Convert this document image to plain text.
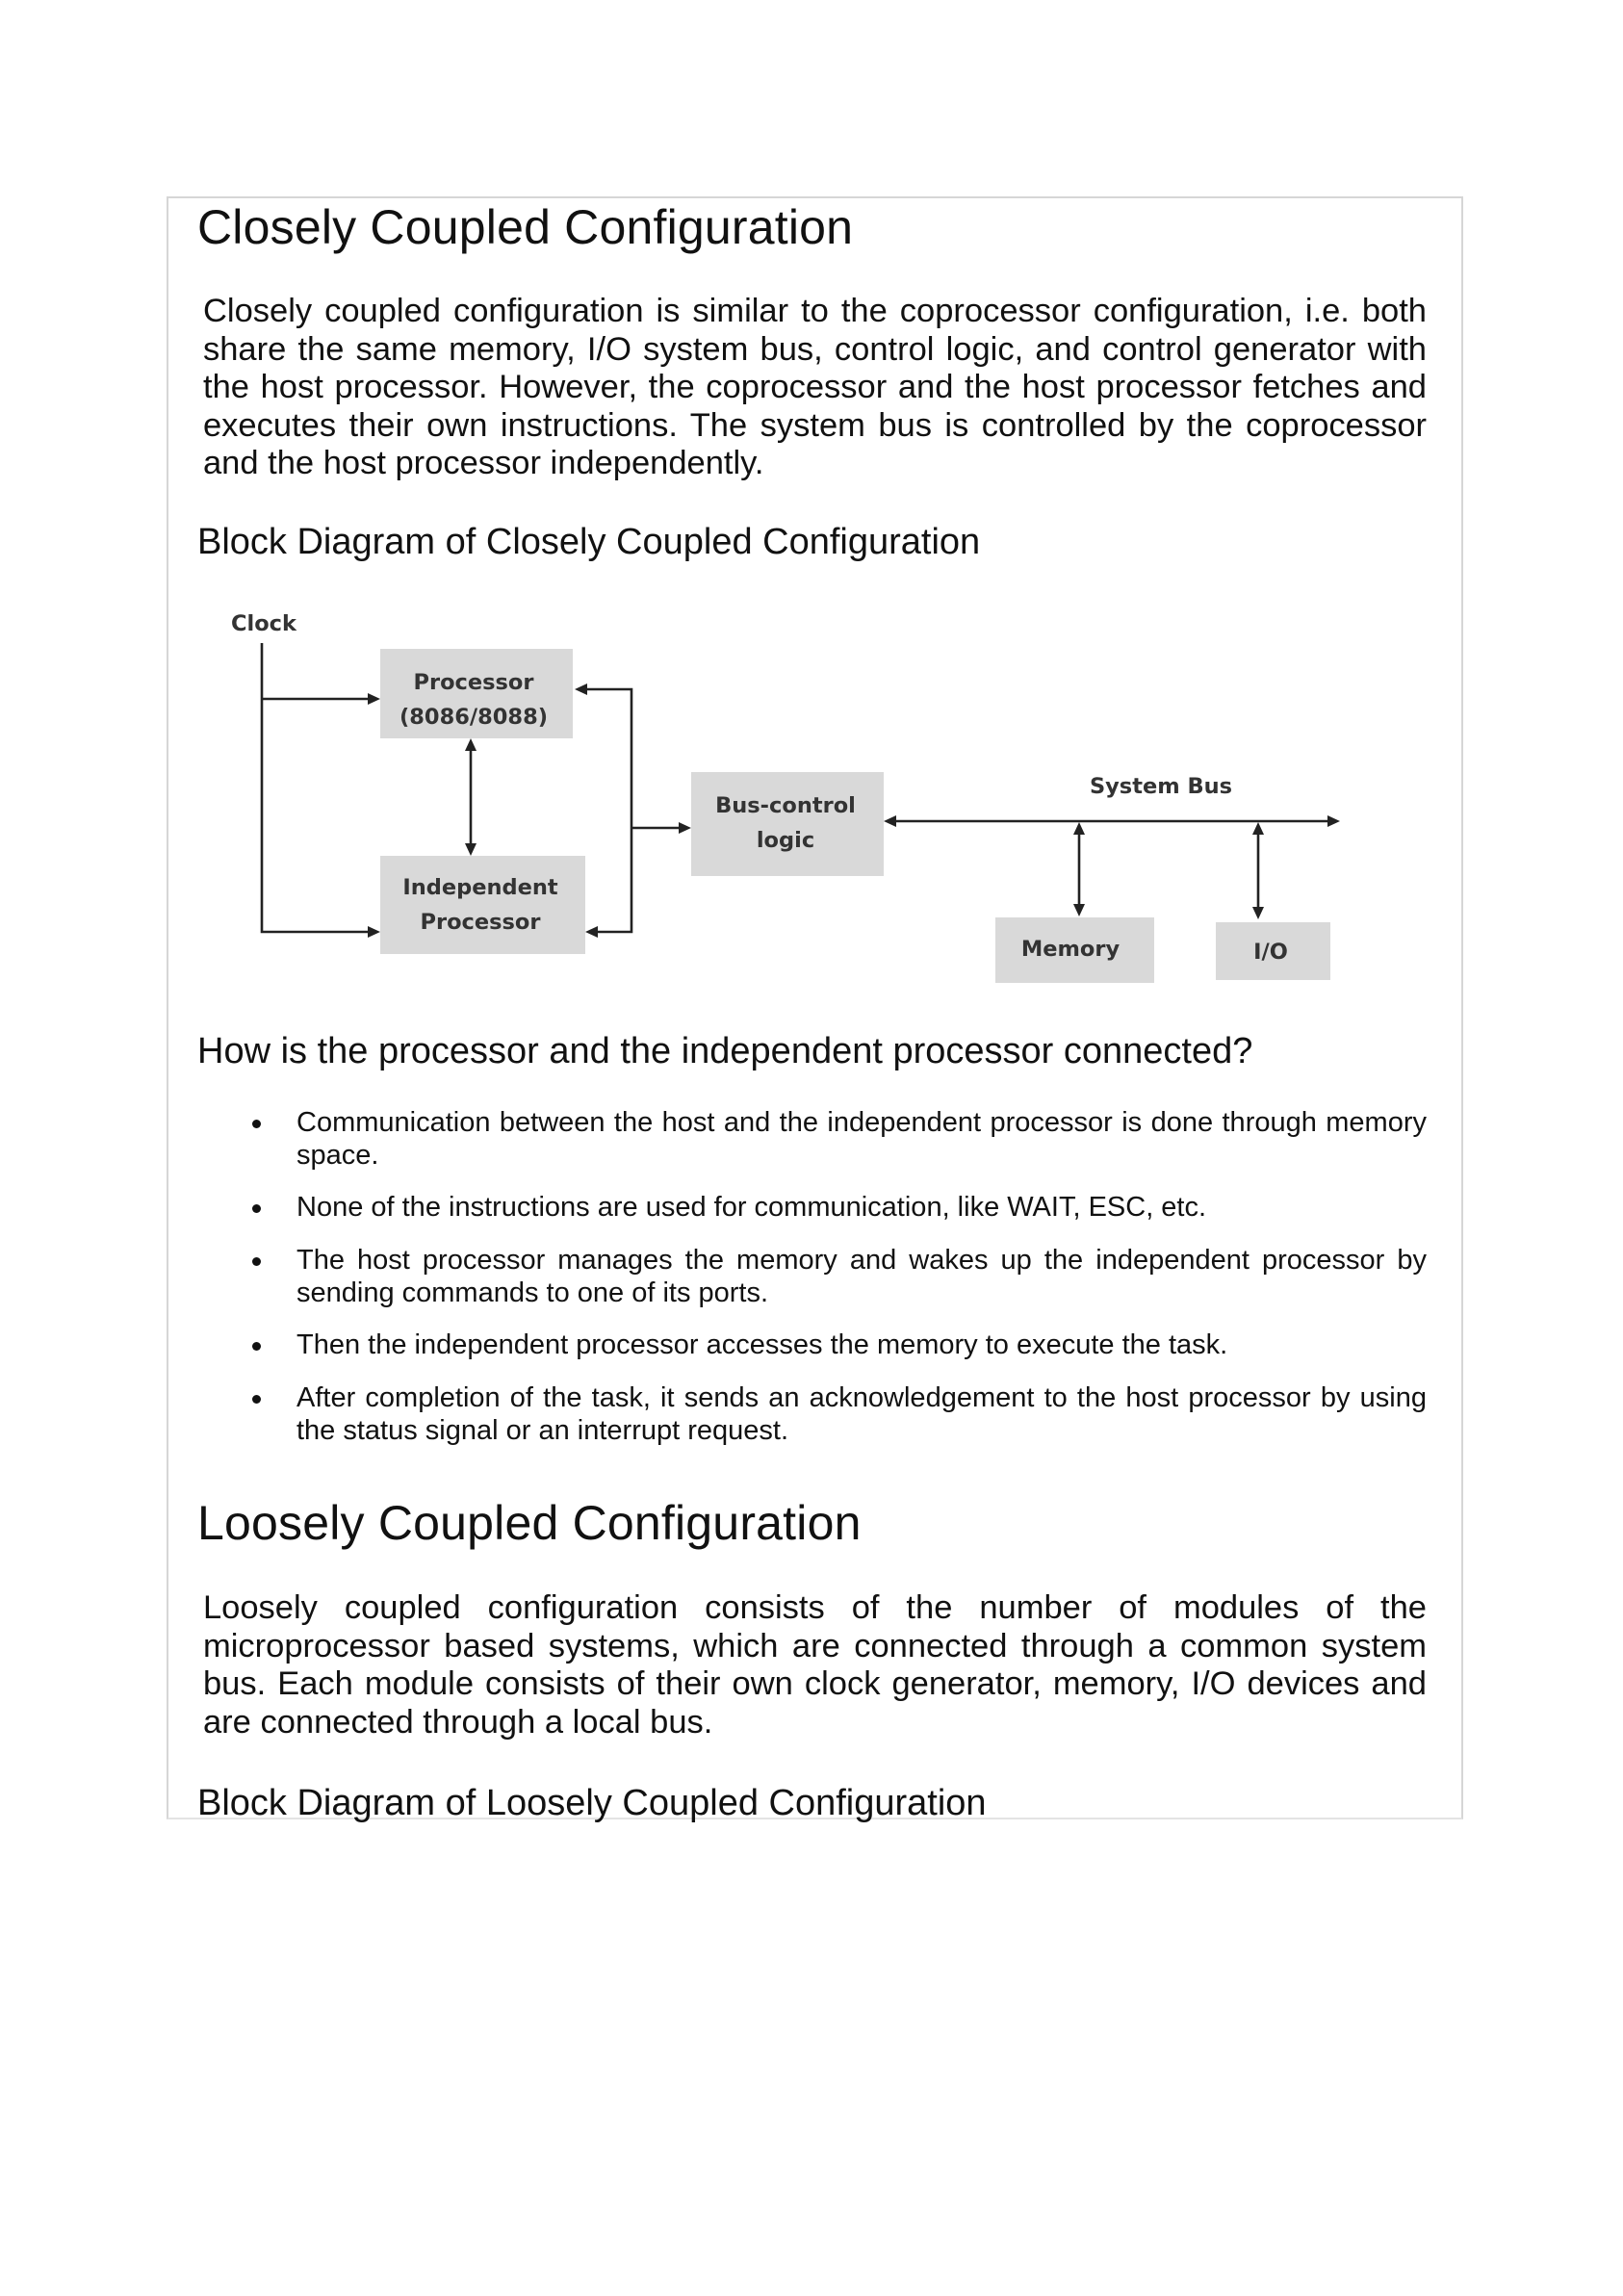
Closely Coupled Configuration

Closely coupled configuration is similar to the coprocessor configuration, i.e. both share the same memory, I/O system bus, control logic, and control generator with the host processor. However, the coprocessor and the host processor fetches and executes their own instructions. The system bus is controlled by the coprocessor and the host processor independently.

Block Diagram of Closely Coupled Configuration
Clock
Processor
(8086/8088)
Independent
Processor
Bus-control
logic
System Bus
Memory	I/O
How is the processor and the independent processor connected?
Communication between the host and the independent processor is done through memory space.
None of the instructions are used for communication, like WAIT, ESC, etc.
The host processor manages the memory and wakes up the independent processor by sending commands to one of its ports.
Then the independent processor accesses the memory to execute the task.
After completion of the task, it sends an acknowledgement to the host processor by using the status signal or an interrupt request.
Loosely Coupled Configuration

Loosely coupled configuration consists of the number of modules of the microprocessor based systems, which are connected through a common system bus. Each module consists of their own clock generator, memory, I/O devices and are connected through a local bus.

Block Diagram of Loosely Coupled Configuration
